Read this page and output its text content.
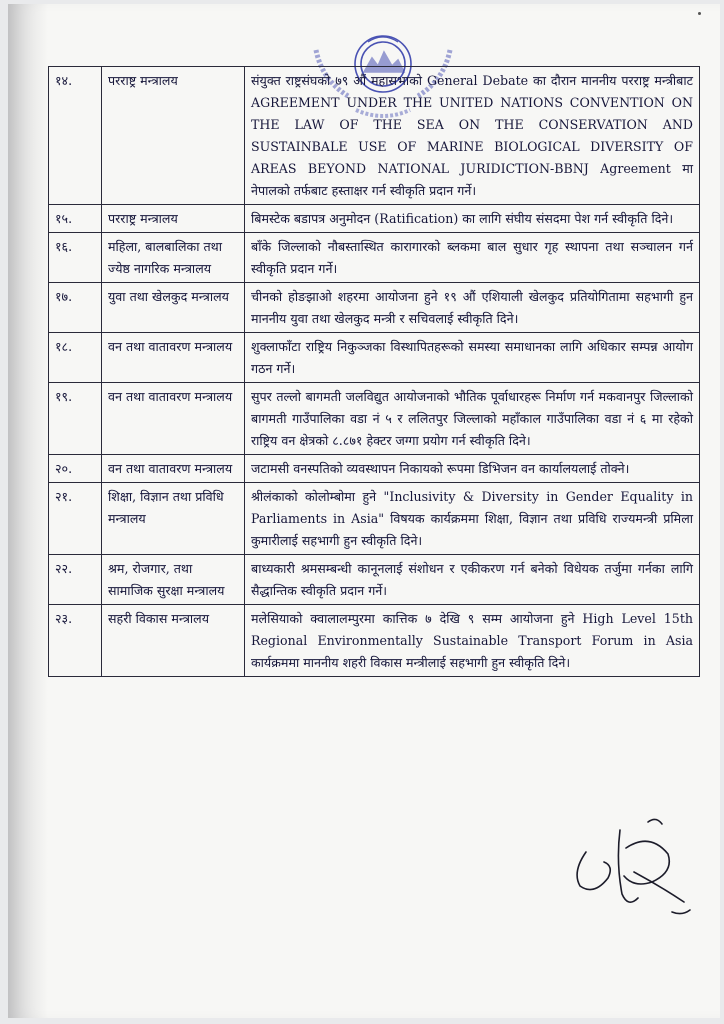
१४.	परराष्ट्र मन्त्रालय	संयुक्त राष्ट्रसंघको ७९ औं महासभाको General Debate का दौरान माननीय परराष्ट्र मन्त्रीबाट AGREEMENT UNDER THE UNITED NATIONS CONVENTION ON THE LAW OF THE SEA ON THE CONSERVATION AND SUSTAINBALE USE OF MARINE BIOLOGICAL DIVERSITY OF AREAS BEYOND NATIONAL JURIDICTION-BBNJ Agreement मा नेपालको तर्फबाट हस्ताक्षर गर्न स्वीकृति प्रदान गर्ने।
१५.	परराष्ट्र मन्त्रालय	बिमस्टेक बडापत्र अनुमोदन (Ratification) का लागि संघीय संसदमा पेश गर्न स्वीकृति दिने।
१६.	महिला, बालबालिका तथा ज्येष्ठ नागरिक मन्त्रालय	बाँके जिल्लाको नौबस्तास्थित कारागारको ब्लकमा बाल सुधार गृह स्थापना तथा सञ्चालन गर्न स्वीकृति प्रदान गर्ने।
१७.	युवा तथा खेलकुद मन्त्रालय	चीनको होङझाओ शहरमा आयोजना हुने १९ औं एशियाली खेलकुद प्रतियोगितामा सहभागी हुन माननीय युवा तथा खेलकुद मन्त्री र सचिवलाई स्वीकृति दिने।
१८.	वन तथा वातावरण मन्त्रालय	शुक्लाफाँटा राष्ट्रिय निकुञ्जका विस्थापितहरूको समस्या समाधानका लागि अधिकार सम्पन्न आयोग गठन गर्ने।
१९.	वन तथा वातावरण मन्त्रालय	सुपर तल्लो बागमती जलविद्युत आयोजनाको भौतिक पूर्वाधारहरू निर्माण गर्न मकवानपुर जिल्लाको बागमती गाउँपालिका वडा नं ५ र ललितपुर जिल्लाको महाँकाल गाउँपालिका वडा नं ६ मा रहेको राष्ट्रिय वन क्षेत्रको ८.८७१ हेक्टर जग्गा प्रयोग गर्न स्वीकृति दिने।
२०.	वन तथा वातावरण मन्त्रालय	जटामसी वनस्पतिको व्यवस्थापन निकायको रूपमा डिभिजन वन कार्यालयलाई तोक्ने।
२१.	शिक्षा, विज्ञान तथा प्रविधि मन्त्रालय	श्रीलंकाको कोलोम्बोमा हुने "Inclusivity & Diversity in Gender Equality in Parliaments in Asia" विषयक कार्यक्रममा शिक्षा, विज्ञान तथा प्रविधि राज्यमन्त्री प्रमिला कुमारीलाई सहभागी हुन स्वीकृति दिने।
२२.	श्रम, रोजगार, तथा सामाजिक सुरक्षा मन्त्रालय	बाध्यकारी श्रमसम्बन्धी कानूनलाई संशोधन र एकीकरण गर्न बनेको विधेयक तर्जुमा गर्नका लागि सैद्धान्तिक स्वीकृति प्रदान गर्ने।
२३.	सहरी विकास मन्त्रालय	मलेसियाको क्वालालम्पुरमा कात्तिक ७ देखि ९ सम्म आयोजना हुने High Level 15th Regional Environmentally Sustainable Transport Forum in Asia कार्यक्रममा माननीय शहरी विकास मन्त्रीलाई सहभागी हुन स्वीकृति दिने।
